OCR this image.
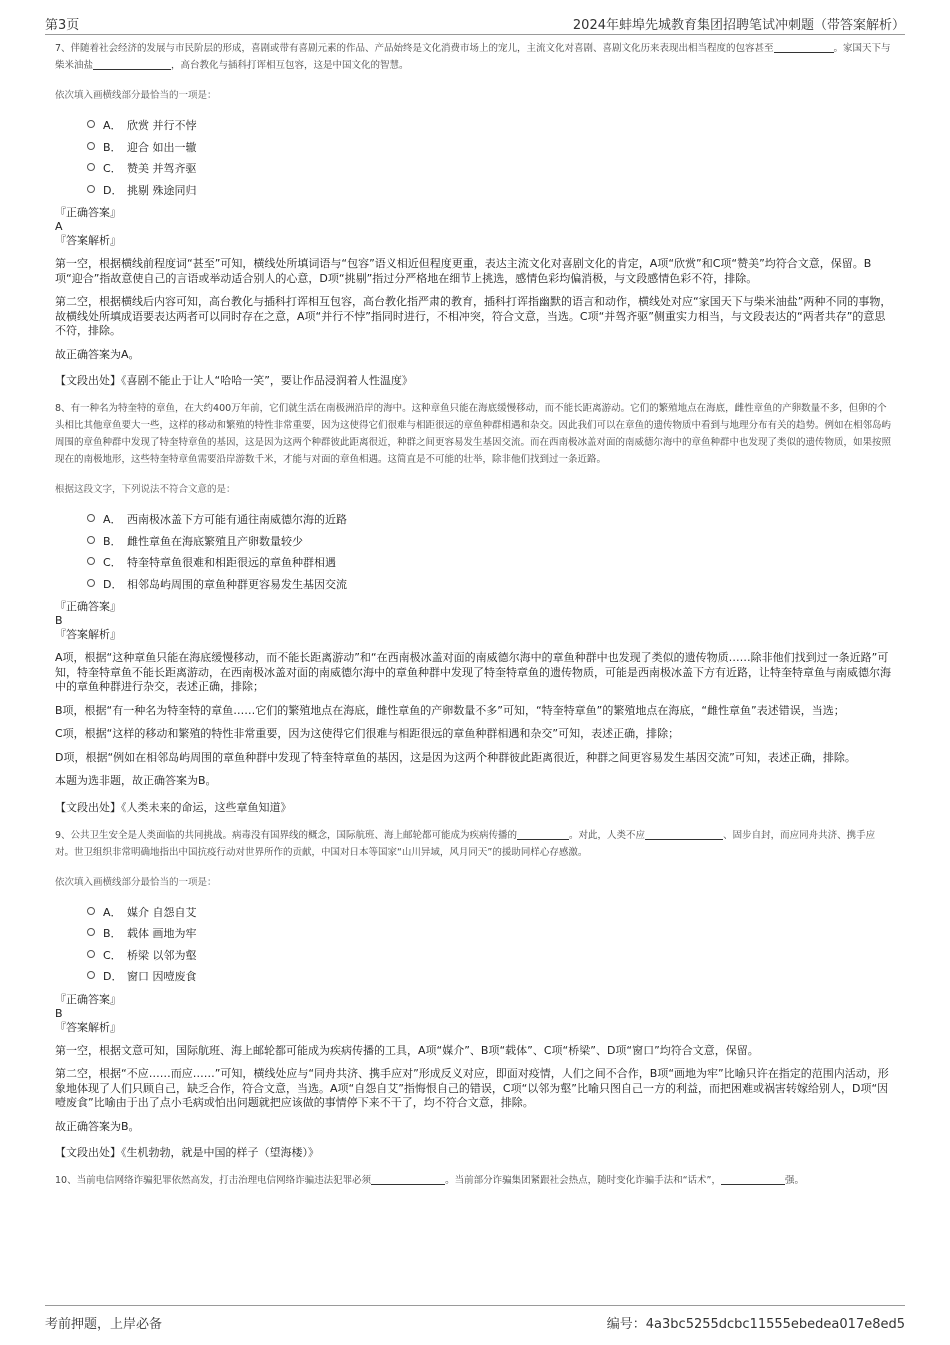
第3页	2024年蚌埠先城教育集团招聘笔试冲刺题（带答案解析）

7、伴随着社会经济的发展与市民阶层的形成，喜剧或带有喜剧元素的作品、产品始终是文化消费市场上的宠儿，主流文化对喜剧、喜剧文化历来表现出相当程度的包容甚至	。家国天下与柴米油盐	，高台教化与插科打诨相互包容，这是中国文化的智慧。

依次填入画横线部分最恰当的一项是：
A． 欣赏 并行不悖
B． 迎合 如出一辙
C． 赞美 并驾齐驱
D． 挑剔 殊途同归
『正确答案』
A
『答案解析』

第一空，根据横线前程度词“甚至”可知，横线处所填词语与“包容”语义相近但程度更重，表达主流文化对喜剧文化的肯定，A项“欣赏”和C项“赞美”均符合文意，保留。B项“迎合”指故意使自己的言语或举动适合别人的心意，D项“挑剔”指过分严格地在细节上挑选，感情色彩均偏消极，与文段感情色彩不符，排除。

第二空，根据横线后内容可知，高台教化与插科打诨相互包容，高台教化指严肃的教育，插科打诨指幽默的语言和动作，横线处对应“家国天下与柴米油盐”两种不同的事物，故横线处所填成语要表达两者可以同时存在之意，A项“并行不悖”指同时进行，不相冲突，符合文意，当选。C项“并驾齐驱”侧重实力相当，与文段表达的“两者共存”的意思不符，排除。

故正确答案为A。

【文段出处】《喜剧不能止于让人“哈哈一笑”，要让作品浸润着人性温度》

8、有一种名为特奎特的章鱼，在大约400万年前，它们就生活在南极洲沿岸的海中。这种章鱼只能在海底缓慢移动，而不能长距离游动。它们的繁殖地点在海底，雌性章鱼的产卵数量不多，但卵的个头相比其他章鱼要大一些，这样的移动和繁殖的特性非常重要，因为这使得它们很难与相距很远的章鱼种群相遇和杂交。因此我们可以在章鱼的遗传物质中看到与地理分布有关的趋势。例如在相邻岛屿周围的章鱼种群中发现了特奎特章鱼的基因，这是因为这两个种群彼此距离很近，种群之间更容易发生基因交流。而在西南极冰盖对面的南威德尔海中的章鱼种群中也发现了类似的遗传物质，如果按照现在的南极地形，这些特奎特章鱼需要沿岸游数千米，才能与对面的章鱼相遇。这简直是不可能的壮举，除非他们找到过一条近路。

根据这段文字，下列说法不符合文意的是：
A． 西南极冰盖下方可能有通往南威德尔海的近路
B． 雌性章鱼在海底繁殖且产卵数量较少
C． 特奎特章鱼很难和相距很远的章鱼种群相遇
D． 相邻岛屿周围的章鱼种群更容易发生基因交流
『正确答案』
B
『答案解析』

A项，根据“这种章鱼只能在海底缓慢移动，而不能长距离游动”和“在西南极冰盖对面的南威德尔海中的章鱼种群中也发现了类似的遗传物质……除非他们找到过一条近路”可知，特奎特章鱼不能长距离游动，在西南极冰盖对面的南威德尔海中的章鱼种群中发现了特奎特章鱼的遗传物质，可能是西南极冰盖下方有近路，让特奎特章鱼与南威德尔海中的章鱼种群进行杂交，表述正确，排除；

B项，根据“有一种名为特奎特的章鱼……它们的繁殖地点在海底，雌性章鱼的产卵数量不多”可知，“特奎特章鱼”的繁殖地点在海底，“雌性章鱼”表述错误，当选；

C项，根据“这样的移动和繁殖的特性非常重要，因为这使得它们很难与相距很远的章鱼种群相遇和杂交”可知，表述正确，排除；

D项，根据“例如在相邻岛屿周围的章鱼种群中发现了特奎特章鱼的基因，这是因为这两个种群彼此距离很近，种群之间更容易发生基因交流”可知，表述正确，排除。

本题为选非题，故正确答案为B。

【文段出处】《人类未来的命运，这些章鱼知道》

9、公共卫生安全是人类面临的共同挑战。病毒没有国界线的概念，国际航班、海上邮轮都可能成为疾病传播的	。对此，人类不应	、固步自封，而应同舟共济、携手应对。世卫组织非常明确地指出中国抗疫行动对世界所作的贡献，中国对日本等国家“山川异域，风月同天”的援助同样心存感激。

依次填入画横线部分最恰当的一项是：
A． 媒介 自怨自艾
B． 载体 画地为牢
C． 桥梁 以邻为壑
D． 窗口 因噎废食
『正确答案』
B
『答案解析』

第一空，根据文意可知，国际航班、海上邮轮都可能成为疾病传播的工具，A项“媒介”、B项“载体”、C项“桥梁”、D项“窗口”均符合文意，保留。

第二空，根据“不应……而应……”可知，横线处应与“同舟共济、携手应对”形成反义对应，即面对疫情，人们之间不合作，B项“画地为牢”比喻只许在指定的范围内活动，形象地体现了人们只顾自己，缺乏合作，符合文意，当选。A项“自怨自艾”指悔恨自己的错误，C项“以邻为壑”比喻只图自己一方的利益，而把困难或祸害转嫁给别人，D项“因噎废食”比喻由于出了点小毛病或怕出问题就把应该做的事情停下来不干了，均不符合文意，排除。

故正确答案为B。

【文段出处】《生机勃勃，就是中国的样子（望海楼）》

10、当前电信网络诈骗犯罪依然高发，打击治理电信网络诈骗违法犯罪必须	。当前部分诈骗集团紧跟社会热点，随时变化诈骗手法和“话术”，	强。

考前押题，上岸必备	编号：4a3bc5255dcbc11555ebedea017e8ed5
